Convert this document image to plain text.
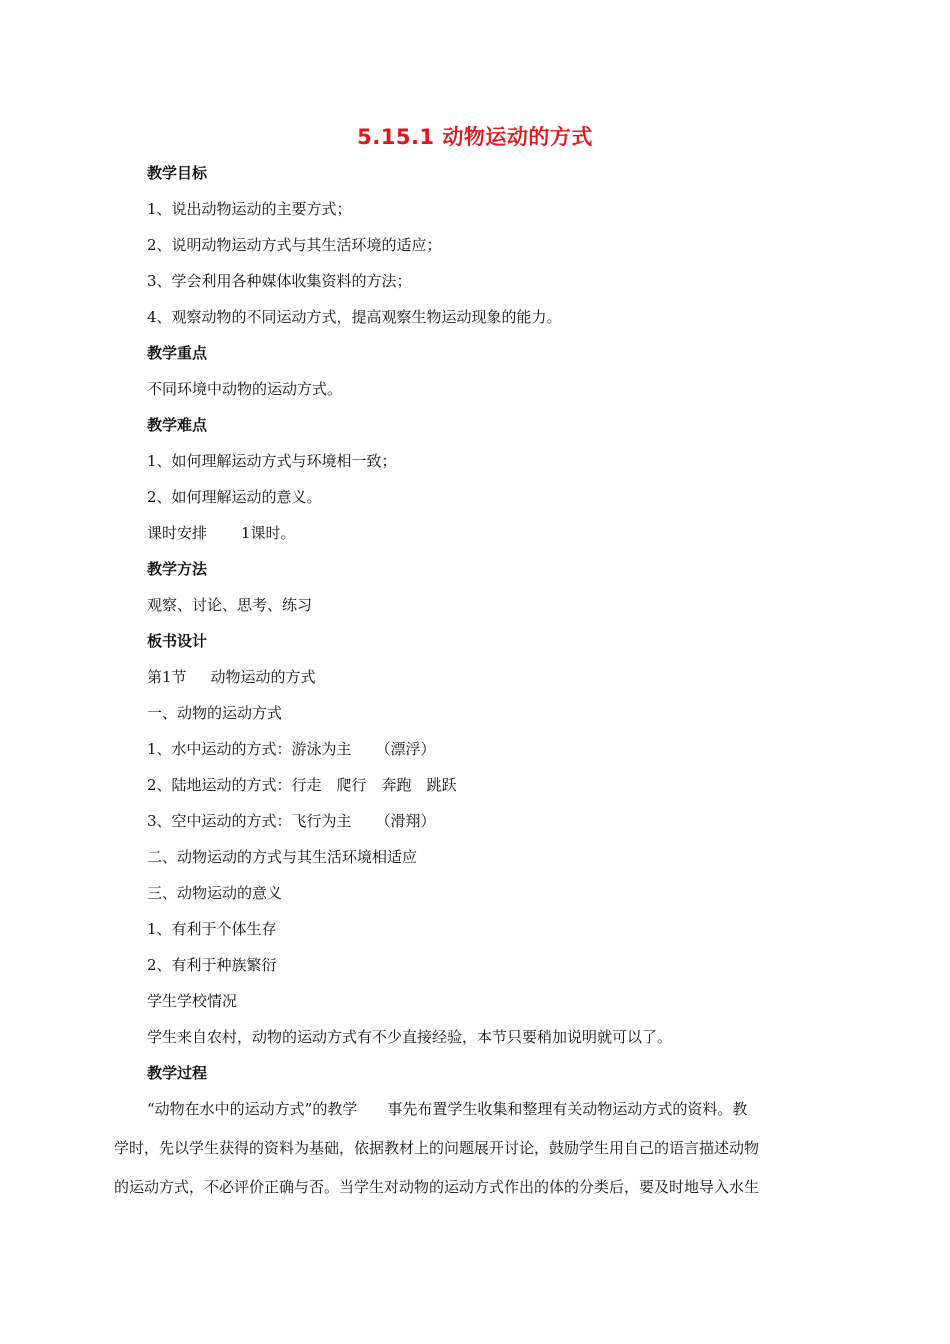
5.15.1 动物运动的方式
教学目标
1、说出动物运动的主要方式；
2、说明动物运动方式与其生活环境的适应；
3、学会利用各种媒体收集资料的方法；
4、观察动物的不同运动方式，提高观察生物运动现象的能力。
教学重点
不同环境中动物的运动方式。
教学难点
1、如何理解运动方式与环境相一致；
2、如何理解运动的意义。
课时安排 1课时。
教学方法
观察、讨论、思考、练习
板书设计
第1节 动物运动的方式
一、动物的运动方式
1、水中运动的方式：游泳为主 （漂浮）
2、陆地运动的方式：行走　爬行　奔跑　跳跃
3、空中运动的方式：飞行为主 （滑翔）
二、动物运动的方式与其生活环境相适应
三、动物运动的意义
1、有利于个体生存
2、有利于种族繁衍
学生学校情况
学生来自农村，动物的运动方式有不少直接经验，本节只要稍加说明就可以了。
教学过程
“动物在水中的运动方式”的教学 事先布置学生收集和整理有关动物运动方式的资料。教
学时，先以学生获得的资料为基础，依据教材上的问题展开讨论，鼓励学生用自己的语言描述动物
的运动方式，不必评价正确与否。当学生对动物的运动方式作出的体的分类后，要及时地导入水生
